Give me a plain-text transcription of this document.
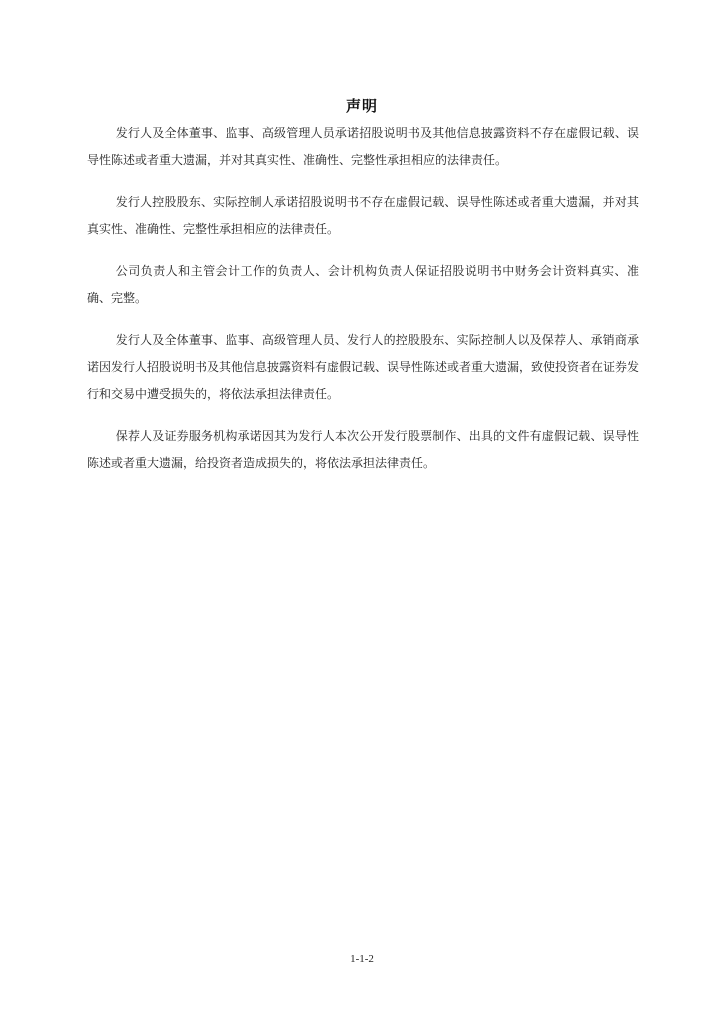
声明

发行人及全体董事、监事、高级管理人员承诺招股说明书及其他信息披露资料不存在虚假记载、误导性陈述或者重大遗漏，并对其真实性、准确性、完整性承担相应的法律责任。

发行人控股股东、实际控制人承诺招股说明书不存在虚假记载、误导性陈述或者重大遗漏，并对其真实性、准确性、完整性承担相应的法律责任。

公司负责人和主管会计工作的负责人、会计机构负责人保证招股说明书中财务会计资料真实、准确、完整。

发行人及全体董事、监事、高级管理人员、发行人的控股股东、实际控制人以及保荐人、承销商承诺因发行人招股说明书及其他信息披露资料有虚假记载、误导性陈述或者重大遗漏，致使投资者在证券发行和交易中遭受损失的，将依法承担法律责任。

保荐人及证券服务机构承诺因其为发行人本次公开发行股票制作、出具的文件有虚假记载、误导性陈述或者重大遗漏，给投资者造成损失的，将依法承担法律责任。

1-1-2
